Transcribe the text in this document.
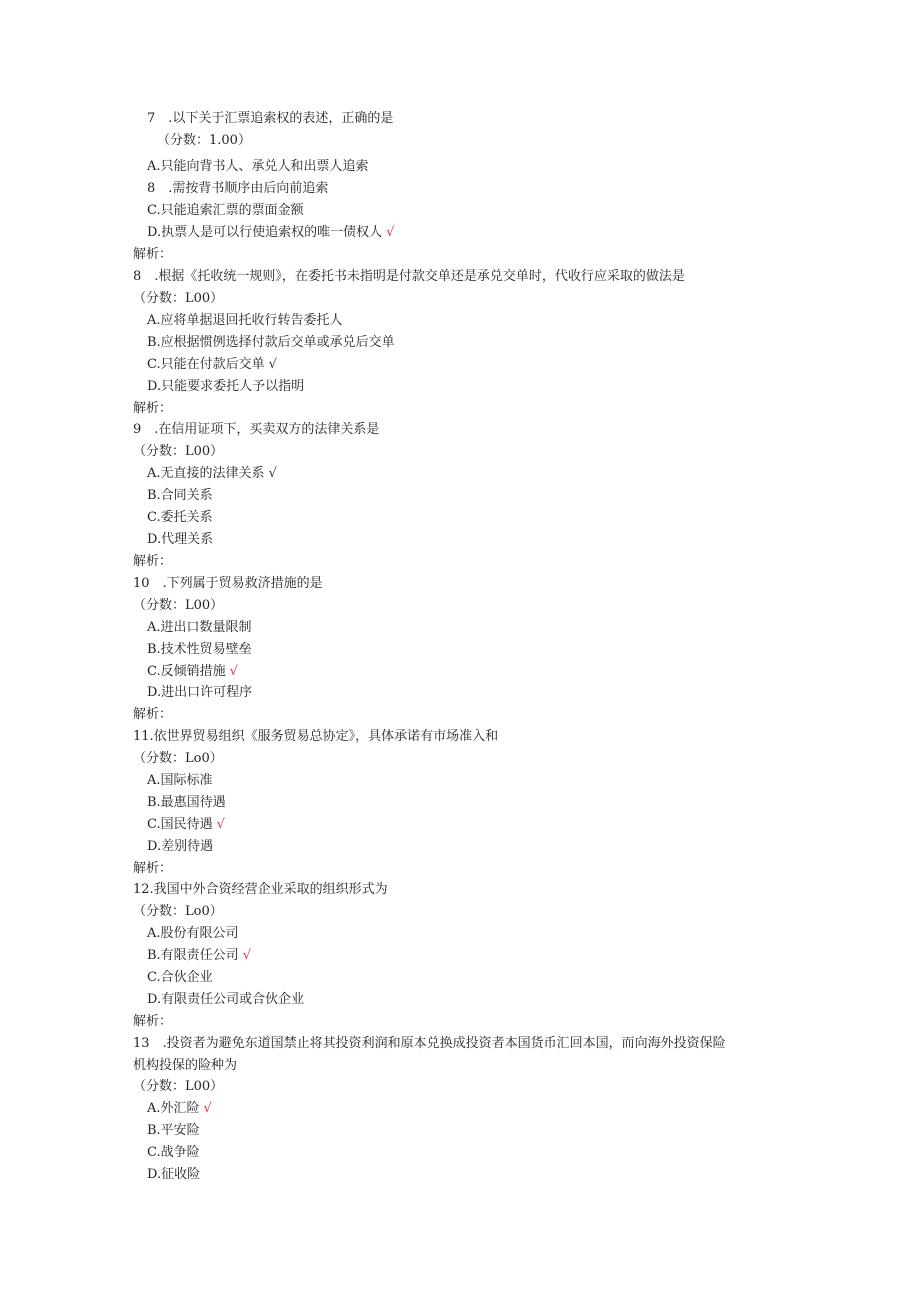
7　.以下关于汇票追索权的表述，正确的是
（分数：1.00）
A.只能向背书人、承兑人和出票人追索
8　.需按背书顺序由后向前追索
C.只能追索汇票的票面金额
D.执票人是可以行使追索权的唯一债权人 √
解析：
8　.根据《托收统一规则》，在委托书未指明是付款交单还是承兑交单时，代收行应采取的做法是
（分数：L00）
A.应将单据退回托收行转告委托人
B.应根据惯例选择付款后交单或承兑后交单
C.只能在付款后交单 √
D.只能要求委托人予以指明
解析：
9　.在信用证项下，买卖双方的法律关系是
（分数：L00）
A.无直接的法律关系 √
B.合同关系
C.委托关系
D.代理关系
解析：
10　.下列属于贸易救济措施的是
（分数：L00）
A.进出口数量限制
B.技术性贸易壁垒
C.反倾销措施 √
D.进出口许可程序
解析：
11.依世界贸易组织《服务贸易总协定》，具体承诺有市场准入和
（分数：Lo0）
A.国际标准
B.最惠国待遇
C.国民待遇 √
D.差别待遇
解析：
12.我国中外合资经营企业采取的组织形式为
（分数：Lo0）
A.股份有限公司
B.有限责任公司 √
C.合伙企业
D.有限责任公司或合伙企业
解析：
13　.投资者为避免东道国禁止将其投资利润和原本兑换成投资者本国货币汇回本国，而向海外投资保险
机构投保的险种为
（分数：L00）
A.外汇险 √
B.平安险
C.战争险
D.征收险
